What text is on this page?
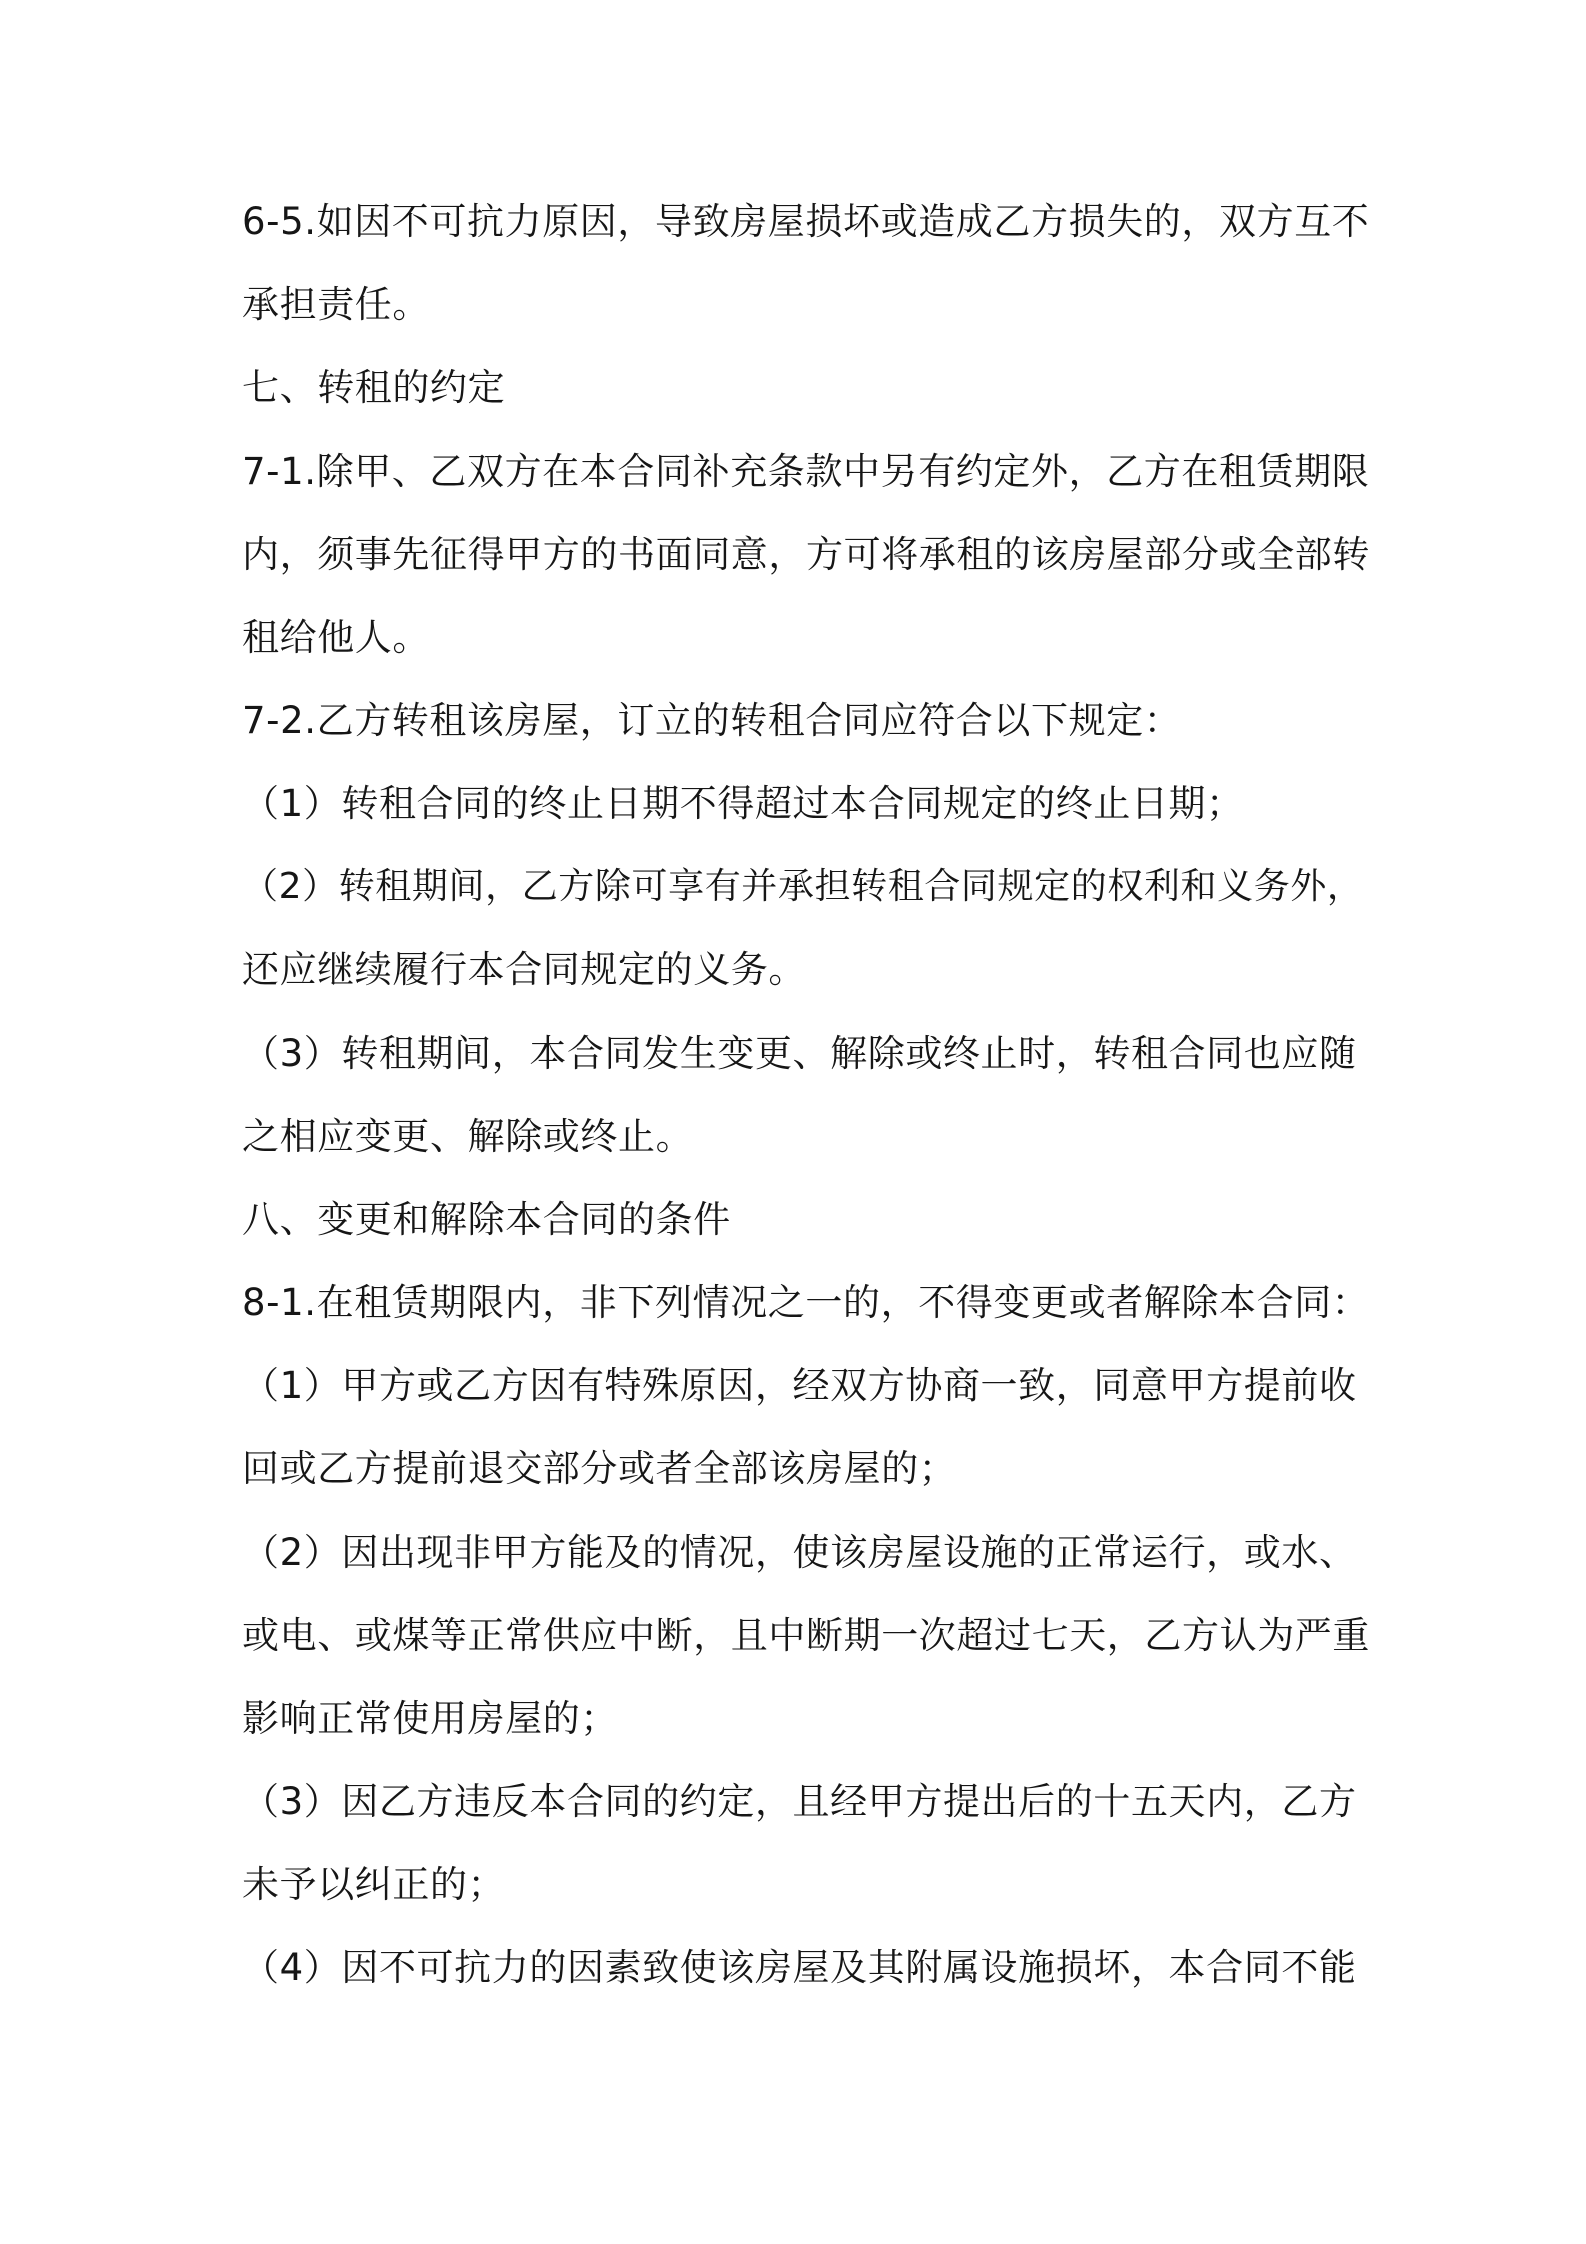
6-5.如因不可抗力原因，导致房屋损坏或造成乙方损失的，双方互不
承担责任。
七、转租的约定
7-1.除甲、乙双方在本合同补充条款中另有约定外，乙方在租赁期限
内，须事先征得甲方的书面同意，方可将承租的该房屋部分或全部转
租给他人。
7-2.乙方转租该房屋，订立的转租合同应符合以下规定：
（1）转租合同的终止日期不得超过本合同规定的终止日期；
（2）转租期间，乙方除可享有并承担转租合同规定的权利和义务外，
还应继续履行本合同规定的义务。
（3）转租期间，本合同发生变更、解除或终止时，转租合同也应随
之相应变更、解除或终止。
八、变更和解除本合同的条件
8-1.在租赁期限内，非下列情况之一的，不得变更或者解除本合同：
（1）甲方或乙方因有特殊原因，经双方协商一致，同意甲方提前收
回或乙方提前退交部分或者全部该房屋的；
（2）因出现非甲方能及的情况，使该房屋设施的正常运行，或水、
或电、或煤等正常供应中断，且中断期一次超过七天，乙方认为严重
影响正常使用房屋的；
（3）因乙方违反本合同的约定，且经甲方提出后的十五天内，乙方
未予以纠正的；
（4）因不可抗力的因素致使该房屋及其附属设施损坏，本合同不能
